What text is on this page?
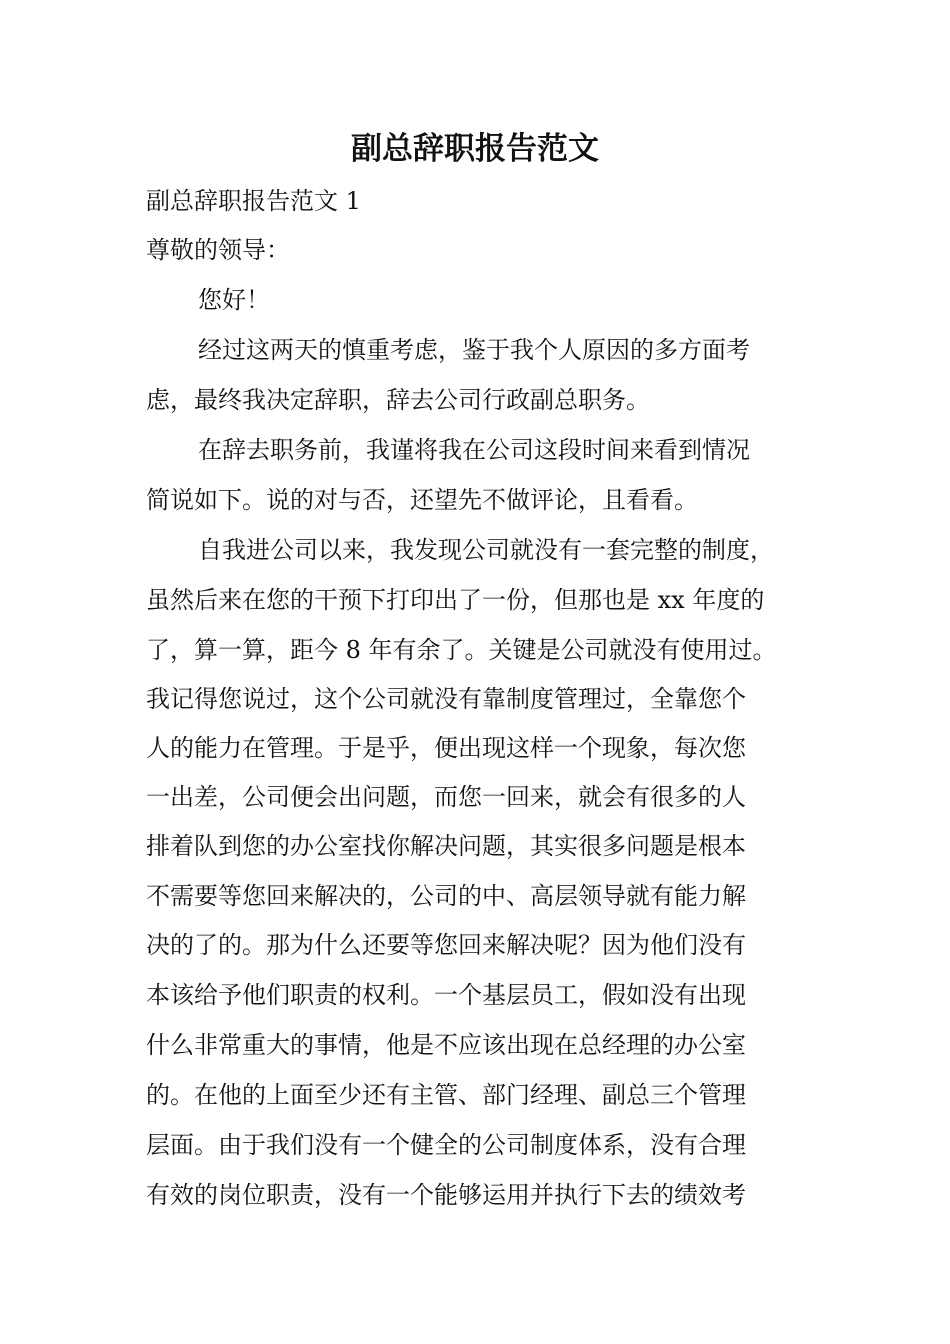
副总辞职报告范文
副总辞职报告范文 1
尊敬的领导：
您好！
经过这两天的慎重考虑，鉴于我个人原因的多方面考
虑，最终我决定辞职，辞去公司行政副总职务。
在辞去职务前，我谨将我在公司这段时间来看到情况
简说如下。说的对与否，还望先不做评论，且看看。
自我进公司以来，我发现公司就没有一套完整的制度，
虽然后来在您的干预下打印出了一份，但那也是 xx 年度的
了，算一算，距今 8 年有余了。关键是公司就没有使用过。
我记得您说过，这个公司就没有靠制度管理过，全靠您个
人的能力在管理。于是乎，便出现这样一个现象，每次您
一出差，公司便会出问题，而您一回来，就会有很多的人
排着队到您的办公室找你解决问题，其实很多问题是根本
不需要等您回来解决的，公司的中、高层领导就有能力解
决的了的。那为什么还要等您回来解决呢？因为他们没有
本该给予他们职责的权利。一个基层员工，假如没有出现
什么非常重大的事情，他是不应该出现在总经理的办公室
的。在他的上面至少还有主管、部门经理、副总三个管理
层面。由于我们没有一个健全的公司制度体系，没有合理
有效的岗位职责，没有一个能够运用并执行下去的绩效考
